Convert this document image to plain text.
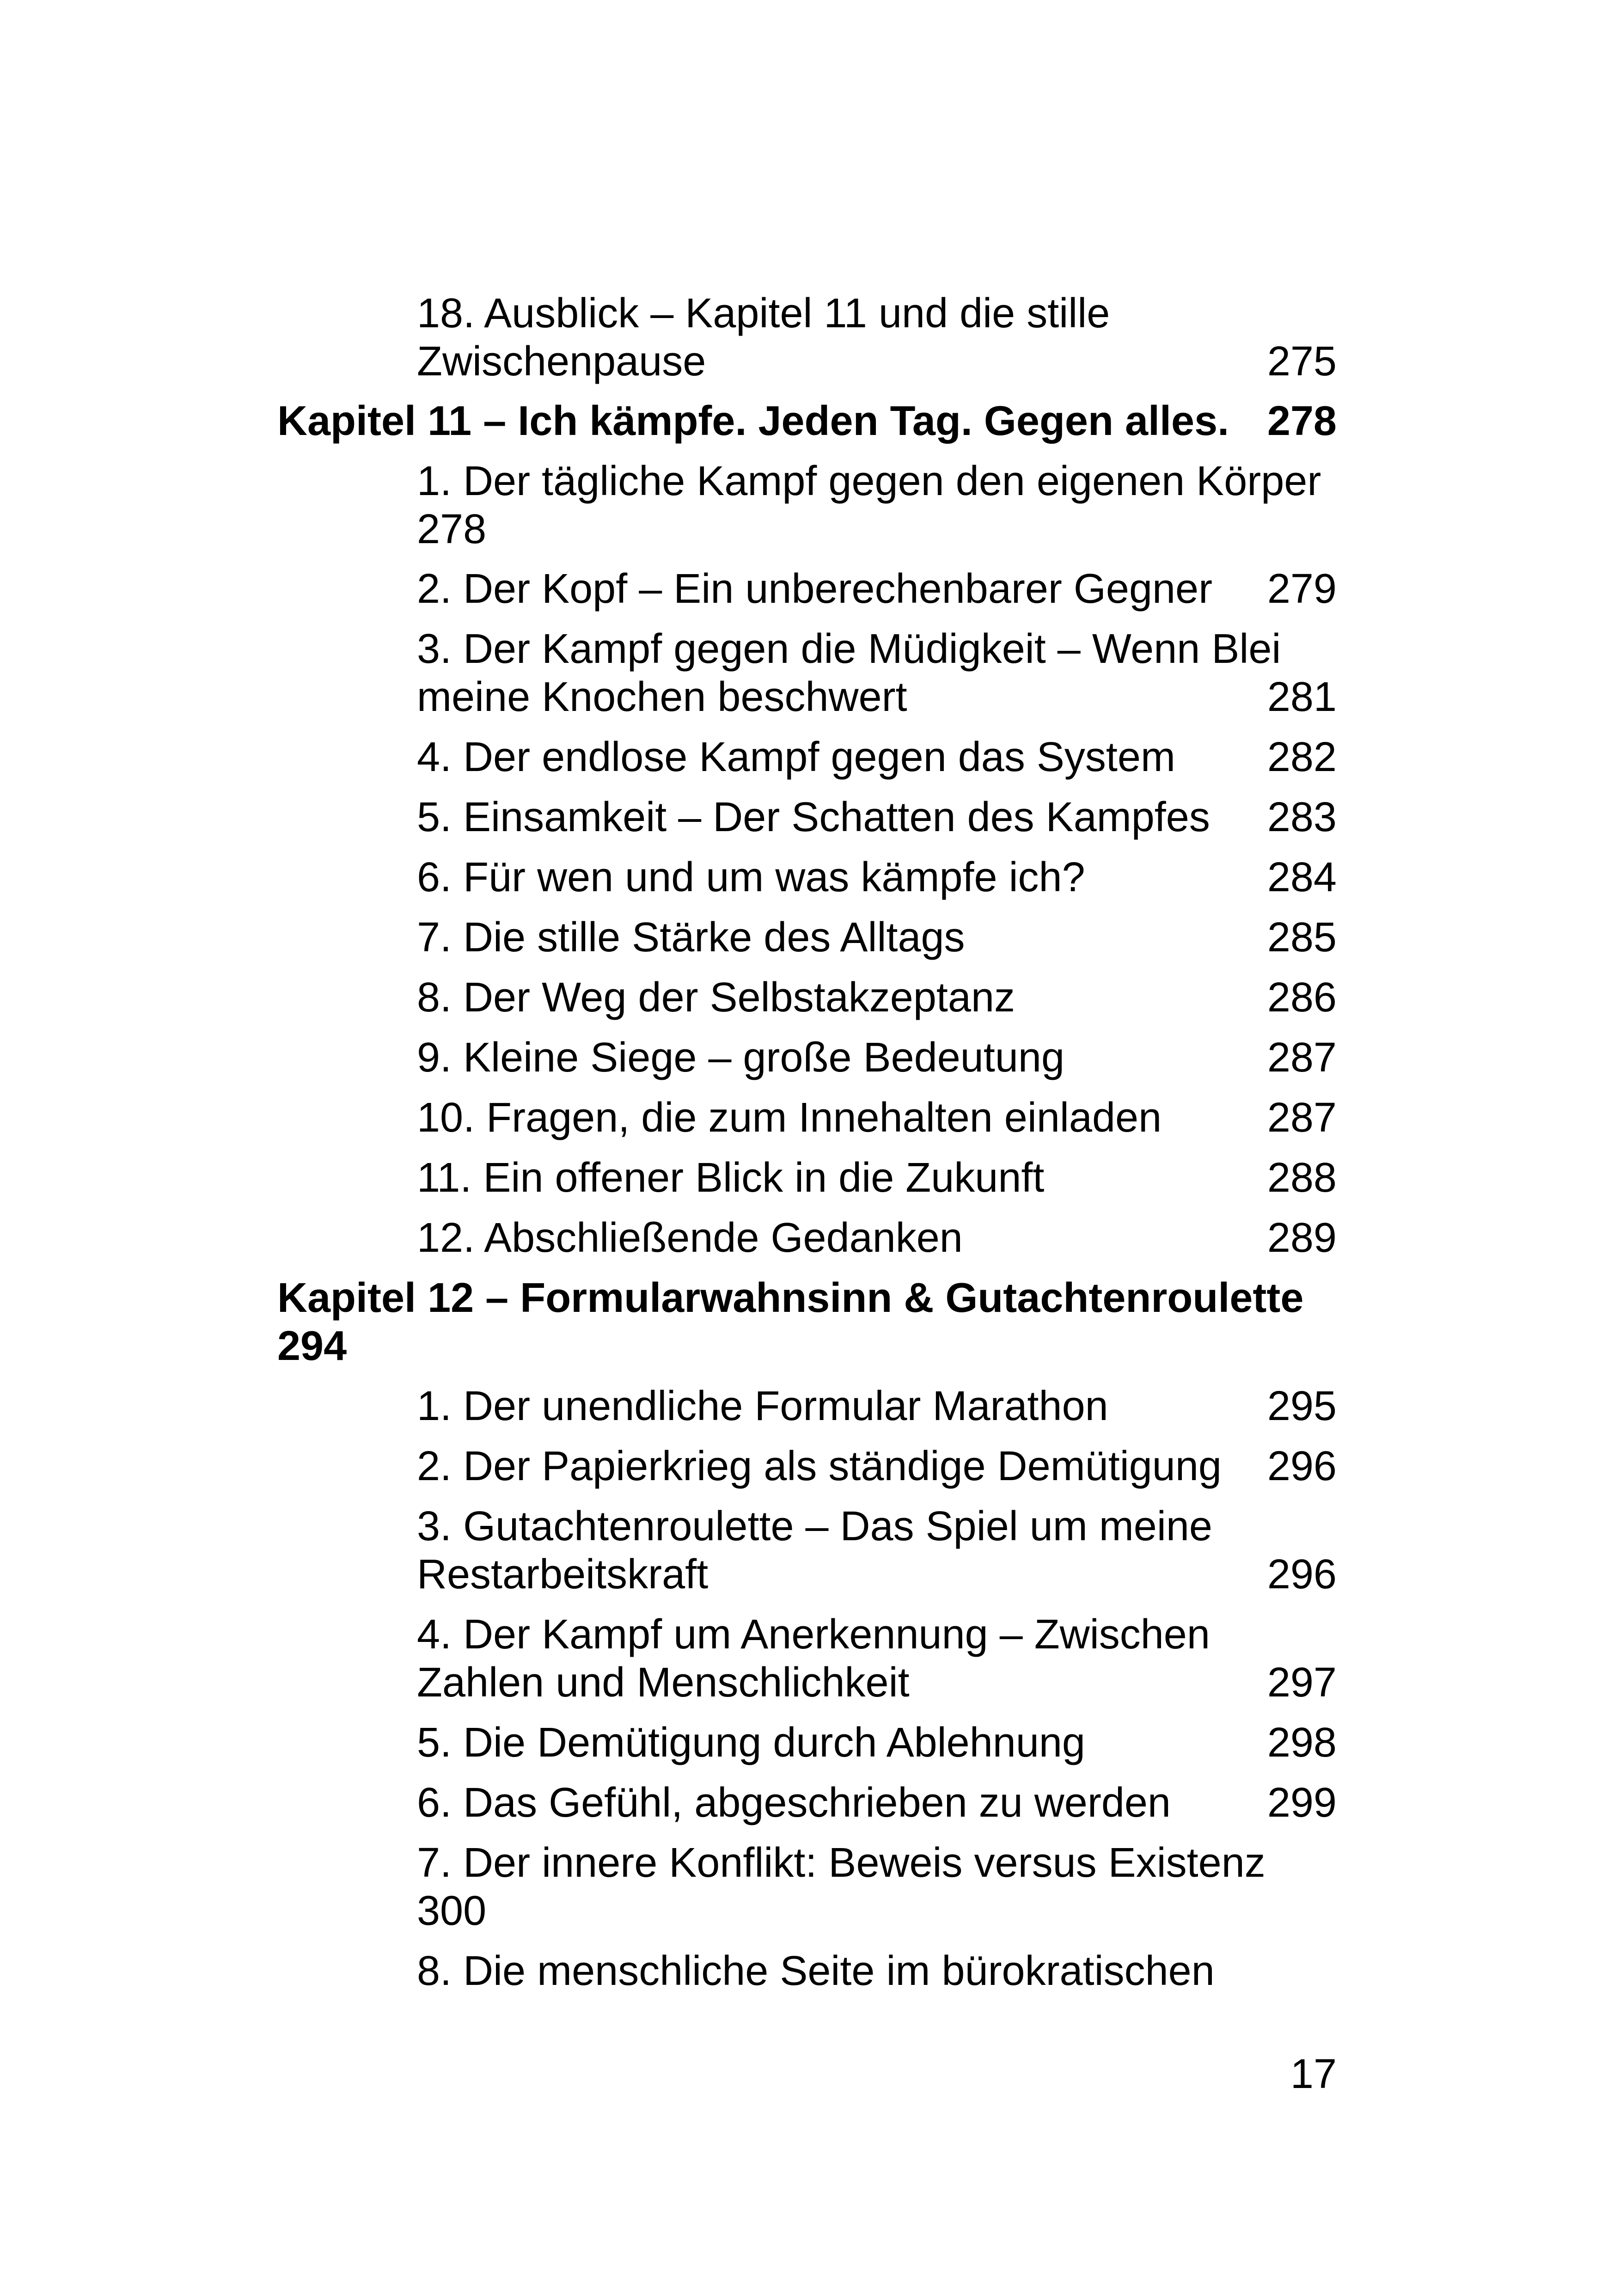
18. Ausblick – Kapitel 11 und die stille
Zwischenpause	275
Kapitel 11 – Ich kämpfe. Jeden Tag. Gegen alles. 278
1. Der tägliche Kampf gegen den eigenen Körper
278
2. Der Kopf – Ein unberechenbarer Gegner 279
3. Der Kampf gegen die Müdigkeit – Wenn Blei
meine Knochen beschwert	281
4. Der endlose Kampf gegen das System 282
5. Einsamkeit – Der Schatten des Kampfes 283
6. Für wen und um was kämpfe ich?	284
7. Die stille Stärke des Alltags	285
8. Der Weg der Selbstakzeptanz	286
9. Kleine Siege – große Bedeutung	287
10. Fragen, die zum Innehalten einladen	287
11. Ein offener Blick in die Zukunft	288
12. Abschließende Gedanken	289
Kapitel 12 – Formularwahnsinn & Gutachtenroulette
294
1. Der unendliche Formular Marathon	295
2. Der Papierkrieg als ständige Demütigung 296
3. Gutachtenroulette – Das Spiel um meine
Restarbeitskraft	296
4. Der Kampf um Anerkennung – Zwischen
Zahlen und Menschlichkeit	297
5. Die Demütigung durch Ablehnung	298
6. Das Gefühl, abgeschrieben zu werden 299
7. Der innere Konflikt: Beweis versus Existenz
300
8. Die menschliche Seite im bürokratischen
17
